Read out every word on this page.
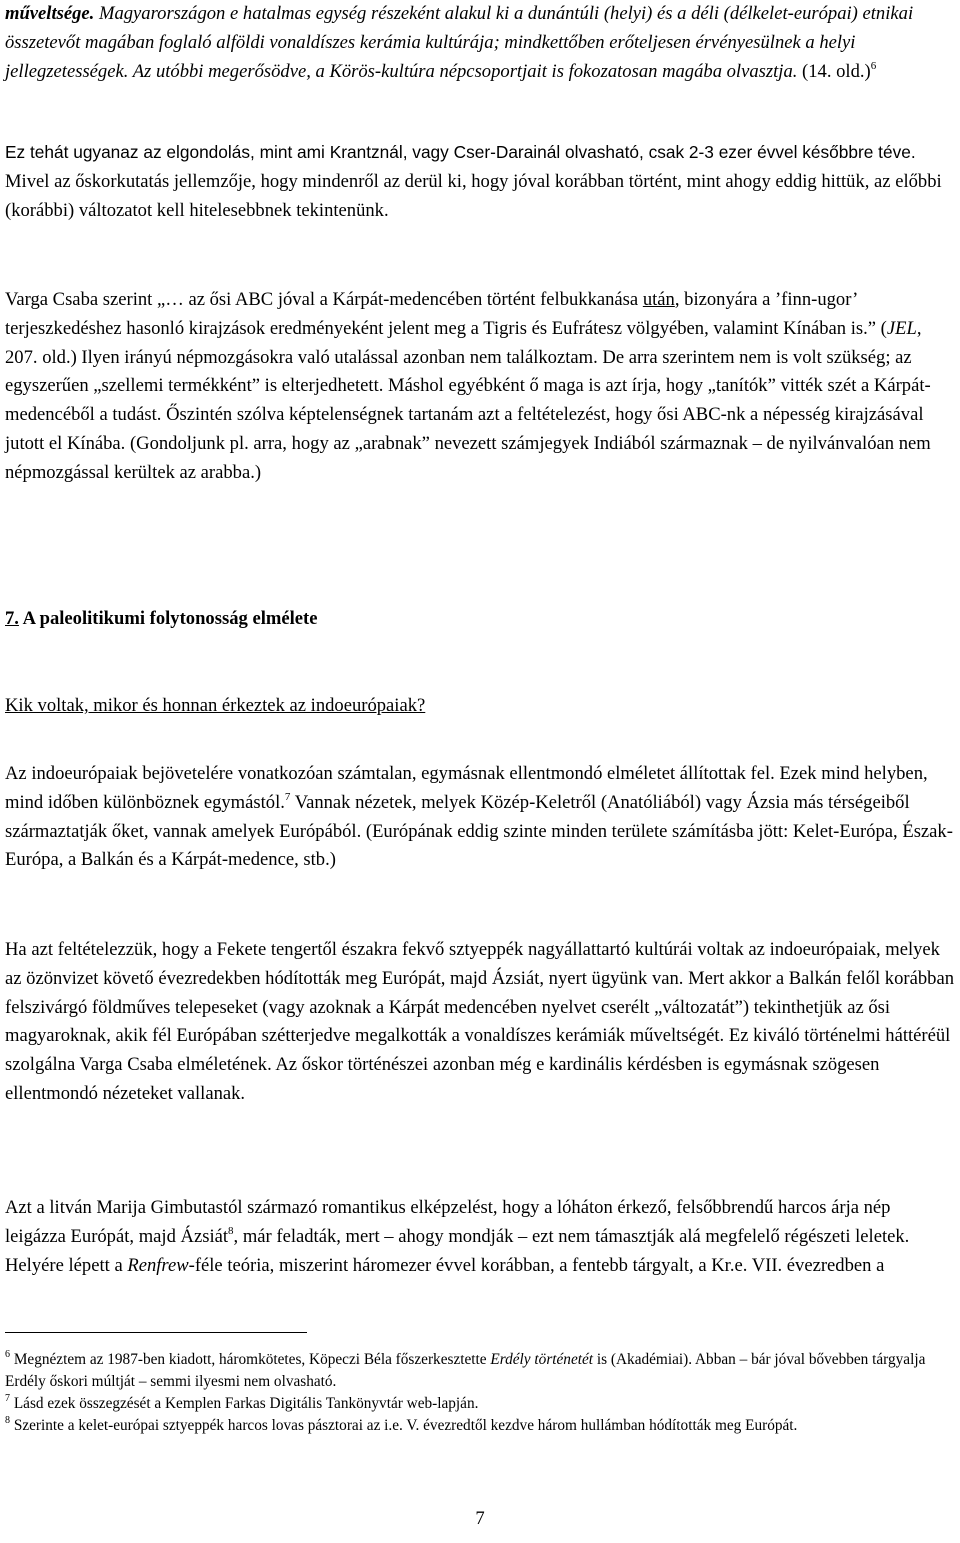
műveltsége. Magyarországon e hatalmas egység részeként alakul ki a dunántúli (helyi) és a déli (délkelet-európai) etnikai összetevőt magában foglaló alföldi vonaldíszes kerámia kultúrája; mindkettőben erőteljesen érvényesülnek a helyi jellegzetességek. Az utóbbi megerősödve, a Körös-kultúra népcsoportjait is fokozatosan magába olvasztja. (14. old.)$^6$

Ez tehát ugyanaz az elgondolás, mint ami Krantznál, vagy Cser-Darainál olvasható, csak 2-3 ezer évvel későbbre téve. Mivel az őskorkutatás jellemzője, hogy mindenről az derül ki, hogy jóval korábban történt, mint ahogy eddig hittük, az előbbi (korábbi) változatot kell hitelesebbnek tekintenünk.

Varga Csaba szerint „… az ősi ABC jóval a Kárpát-medencében történt felbukkanása után, bizonyára a ’finn-ugor’ terjeszkedéshez hasonló kirajzások eredményeként jelent meg a Tigris és Eufrátesz völgyében, valamint Kínában is.” (JEL, 207. old.) Ilyen irányú népmozgásokra való utalással azonban nem találkoztam. De arra szerintem nem is volt szükség; az egyszerűen „szellemi termékként” is elterjedhetett. Máshol egyébként ő maga is azt írja, hogy „tanítók” vitték szét a Kárpát-medencéből a tudást. Őszintén szólva képtelenségnek tartanám azt a feltételezést, hogy ősi ABC-nk a népesség kirajzásával jutott el Kínába. (Gondoljunk pl. arra, hogy az „arabnak” nevezett számjegyek Indiából származnak – de nyilvánvalóan nem népmozgással kerültek az arabba.)

7. A paleolitikumi folytonosság elmélete

Kik voltak, mikor és honnan érkeztek az indoeurópaiak?

Az indoeurópaiak bejövetelére vonatkozóan számtalan, egymásnak ellentmondó elméletet állítottak fel. Ezek mind helyben, mind időben különböznek egymástól.$^7$ Vannak nézetek, melyek Közép-Keletről (Anatóliából) vagy Ázsia más térségeiből származtatják őket, vannak amelyek Európából. (Európának eddig szinte minden területe számításba jött: Kelet-Európa, Észak-Európa, a Balkán és a Kárpát-medence, stb.)

Ha azt feltételezzük, hogy a Fekete tengertől északra fekvő sztyeppék nagyállattartó kultúrái voltak az indoeurópaiak, melyek az özönvizet követő évezredekben hódították meg Európát, majd Ázsiát, nyert ügyünk van. Mert akkor a Balkán felől korábban felszivárgó földműves telepeseket (vagy azoknak a Kárpát medencében nyelvet cserélt „változatát”) tekinthetjük az ősi magyaroknak, akik fél Európában szétterjedve megalkották a vonaldíszes kerámiák műveltségét. Ez kiváló történelmi háttéréül szolgálna Varga Csaba elméletének. Az őskor történészei azonban még e kardinális kérdésben is egymásnak szögesen ellentmondó nézeteket vallanak.

Azt a litván Marija Gimbutastól származó romantikus elképzelést, hogy a lóháton érkező, felsőbbrendű harcos árja nép leigázza Európát, majd Ázsiát$^8$, már feladták, mert – ahogy mondják – ezt nem támasztják alá megfelelő régészeti leletek. Helyére lépett a Renfrew-féle teória, miszerint háromezer évvel korábban, a fentebb tárgyalt, a Kr.e. VII. évezredben a

$^6$ Megnéztem az 1987-ben kiadott, háromkötetes, Köpeczi Béla főszerkesztette Erdély történetét is (Akadémiai). Abban – bár jóval bővebben tárgyalja Erdély őskori múltját – semmi ilyesmi nem olvasható.

$^7$ Lásd ezek összegzését a Kemplen Farkas Digitális Tankönyvtár web-lapján.

$^8$ Szerinte a kelet-európai sztyeppék harcos lovas pásztorai az i.e. V. évezredtől kezdve három hullámban hódították meg Európát.

7
